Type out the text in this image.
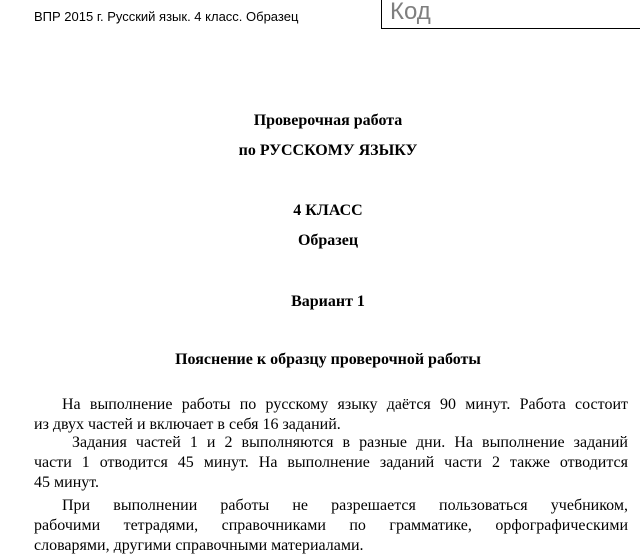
ВПР 2015 г. Русский язык. 4 класс. Образец	Код
Проверочная работа
по РУССКОМУ ЯЗЫКУ
4 КЛАСС
Образец
Вариант 1
Пояснение к образцу проверочной работы
На выполнение работы по русскому языку даётся 90 минут. Работа состоит
из двух частей и включает в себя 16 заданий.
Задания частей 1 и 2 выполняются в разные дни. На выполнение заданий
части 1 отводится 45 минут. На выполнение заданий части 2 также отводится
45 минут.
При выполнении работы не разрешается пользоваться учебником,
рабочими тетрадями, справочниками по грамматике, орфографическими
словарями, другими справочными материалами.
